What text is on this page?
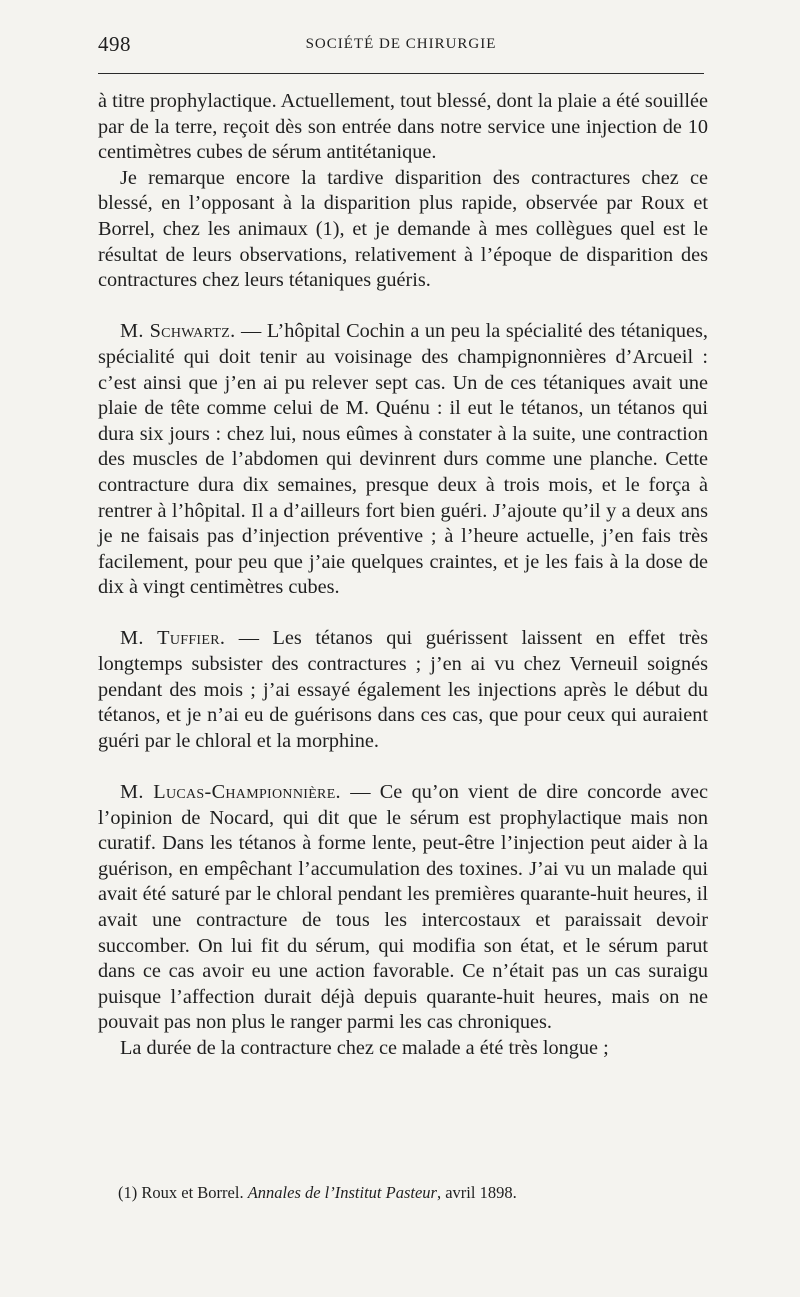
498	SOCIÉTÉ DE CHIRURGIE

à titre prophylactique. Actuellement, tout blessé, dont la plaie a été souillée par de la terre, reçoit dès son entrée dans notre service une injection de 10 centimètres cubes de sérum antitétanique.

Je remarque encore la tardive disparition des contractures chez ce blessé, en l’opposant à la disparition plus rapide, observée par Roux et Borrel, chez les animaux (1), et je demande à mes collègues quel est le résultat de leurs observations, relativement à l’époque de disparition des contractures chez leurs tétaniques guéris.

M. Schwartz. — L’hôpital Cochin a un peu la spécialité des tétaniques, spécialité qui doit tenir au voisinage des champignonnières d’Arcueil : c’est ainsi que j’en ai pu relever sept cas. Un de ces tétaniques avait une plaie de tête comme celui de M. Quénu : il eut le tétanos, un tétanos qui dura six jours : chez lui, nous eûmes à constater à la suite, une contraction des muscles de l’abdomen qui devinrent durs comme une planche. Cette contracture dura dix semaines, presque deux à trois mois, et le força à rentrer à l’hôpital. Il a d’ailleurs fort bien guéri. J’ajoute qu’il y a deux ans je ne faisais pas d’injection préventive ; à l’heure actuelle, j’en fais très facilement, pour peu que j’aie quelques craintes, et je les fais à la dose de dix à vingt centimètres cubes.

M. Tuffier. — Les tétanos qui guérissent laissent en effet très longtemps subsister des contractures ; j’en ai vu chez Verneuil soignés pendant des mois ; j’ai essayé également les injections après le début du tétanos, et je n’ai eu de guérisons dans ces cas, que pour ceux qui auraient guéri par le chloral et la morphine.

M. Lucas-Championnière. — Ce qu’on vient de dire concorde avec l’opinion de Nocard, qui dit que le sérum est prophylactique mais non curatif. Dans les tétanos à forme lente, peut-être l’injection peut aider à la guérison, en empêchant l’accumulation des toxines. J’ai vu un malade qui avait été saturé par le chloral pendant les premières quarante-huit heures, il avait une contracture de tous les intercostaux et paraissait devoir succomber. On lui fit du sérum, qui modifia son état, et le sérum parut dans ce cas avoir eu une action favorable. Ce n’était pas un cas suraigu puisque l’affection durait déjà depuis quarante-huit heures, mais on ne pouvait pas non plus le ranger parmi les cas chroniques.

La durée de la contracture chez ce malade a été très longue ;

(1) Roux et Borrel. Annales de l’Institut Pasteur, avril 1898.
